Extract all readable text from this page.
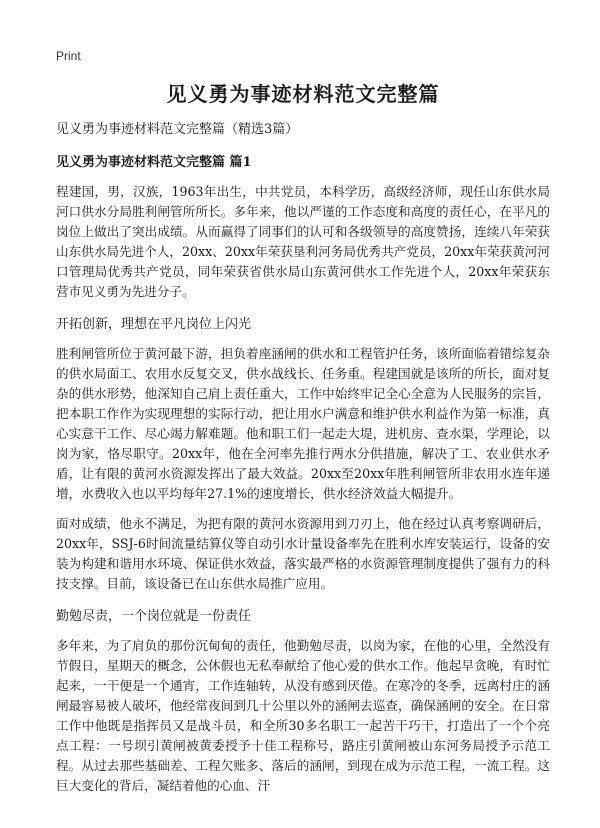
Print
见义勇为事迹材料范文完整篇
见义勇为事迹材料范文完整篇（精选3篇）
见义勇为事迹材料范文完整篇 篇1
程建国，男，汉族，1963年出生，中共党员，本科学历，高级经济师，现任山东供水局河口供水分局胜利闸管所所长。多年来，他以严谨的工作态度和高度的责任心，在平凡的岗位上做出了突出成绩。从而赢得了同事们的认可和各级领导的高度赞扬，连续八年荣获山东供水局先进个人，20xx、20xx年荣获垦利河务局优秀共产党员，20xx年荣获黄河河口管理局优秀共产党员，同年荣获省供水局山东黄河供水工作先进个人，20xx年荣获东营市见义勇为先进分子。
开拓创新，理想在平凡岗位上闪光
胜利闸管所位于黄河最下游，担负着座涵闸的供水和工程管护任务，该所面临着错综复杂的供水局面工、农用水反复交叉，供水战线长、任务重。程建国就是该所的所长，面对复杂的供水形势，他深知自己肩上责任重大，工作中始终牢记全心全意为人民服务的宗旨，把本职工作作为实现理想的实际行动，把让用水户满意和维护供水利益作为第一标准，真心实意干工作、尽心竭力解难题。他和职工们一起走大堤，进机房、查水渠，学理论，以岗为家，恪尽职守。20xx年，他在全河率先推行两水分供措施，解决了工、农业供水矛盾，让有限的黄河水资源发挥出了最大效益。20xx至20xx年胜利闸管所非农用水连年递增，水费收入也以平均每年27.1%的速度增长，供水经济效益大幅提升。
面对成绩，他永不满足，为把有限的黄河水资源用到刀刃上，他在经过认真考察调研后，20xx年，SSJ-6时间流量结算仪等自动引水计量设备率先在胜利水库安装运行，设备的安装为构建和谐用水环境、保证供水效益，落实最严格的水资源管理制度提供了强有力的科技支撑。目前，该设备已在山东供水局推广应用。
勤勉尽责，一个岗位就是一份责任
多年来，为了肩负的那份沉甸甸的责任，他勤勉尽责，以岗为家，在他的心里，全然没有节假日，星期天的概念，公休假也无私奉献给了他心爱的供水工作。他起早贪晚，有时忙起来，一干便是一个通宵，工作连轴转，从没有感到厌倦。在寒冷的冬季，远离村庄的涵闸最容易被人破坏，他经常夜间到几十公里以外的涵闸去巡查，确保涵闸的安全。在日常工作中他既是指挥员又是战斗员，和全所30多名职工一起苦干巧干，打造出了一个个亮点工程：一号坝引黄闸被黄委授予十佳工程称号，路庄引黄闸被山东河务局授予示范工程。从过去那些基础差、工程欠账多、落后的涵闸，到现在成为示范工程，一流工程。这巨大变化的背后，凝结着他的心血、汗
